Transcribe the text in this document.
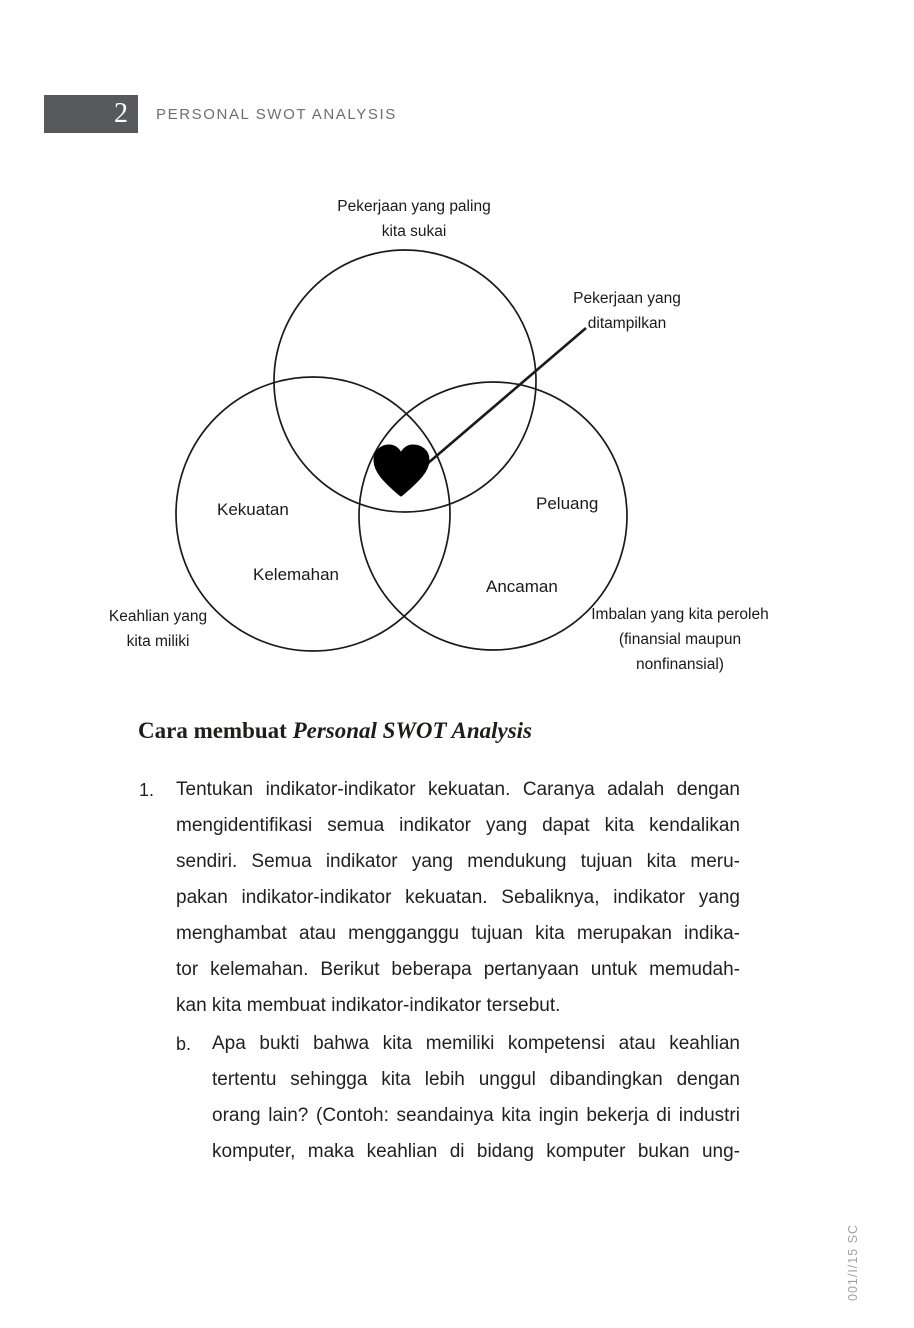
2	PERSONAL SWOT ANALYSIS
Pekerjaan yang paling
kita sukai
Pekerjaan yang
ditampilkan
Kekuatan
Kelemahan
Peluang
Ancaman
Keahlian yang
kita miliki
Imbalan yang kita peroleh
(finansial maupun
nonfinansial)
Cara membuat Personal SWOT Analysis
1. Tentukan indikator-indikator kekuatan. Caranya adalah dengan
mengidentifikasi semua indikator yang dapat kita kendalikan
sendiri. Semua indikator yang mendukung tujuan kita meru-
pakan indikator-indikator kekuatan. Sebaliknya, indikator yang
menghambat atau mengganggu tujuan kita merupakan indika-
tor kelemahan. Berikut beberapa pertanyaan untuk memudah-
kan kita membuat indikator-indikator tersebut.
b. Apa bukti bahwa kita memiliki kompetensi atau keahlian
tertentu sehingga kita lebih unggul dibandingkan dengan
orang lain? (Contoh: seandainya kita ingin bekerja di industri
komputer, maka keahlian di bidang komputer bukan ung-
001/I/15 SC
